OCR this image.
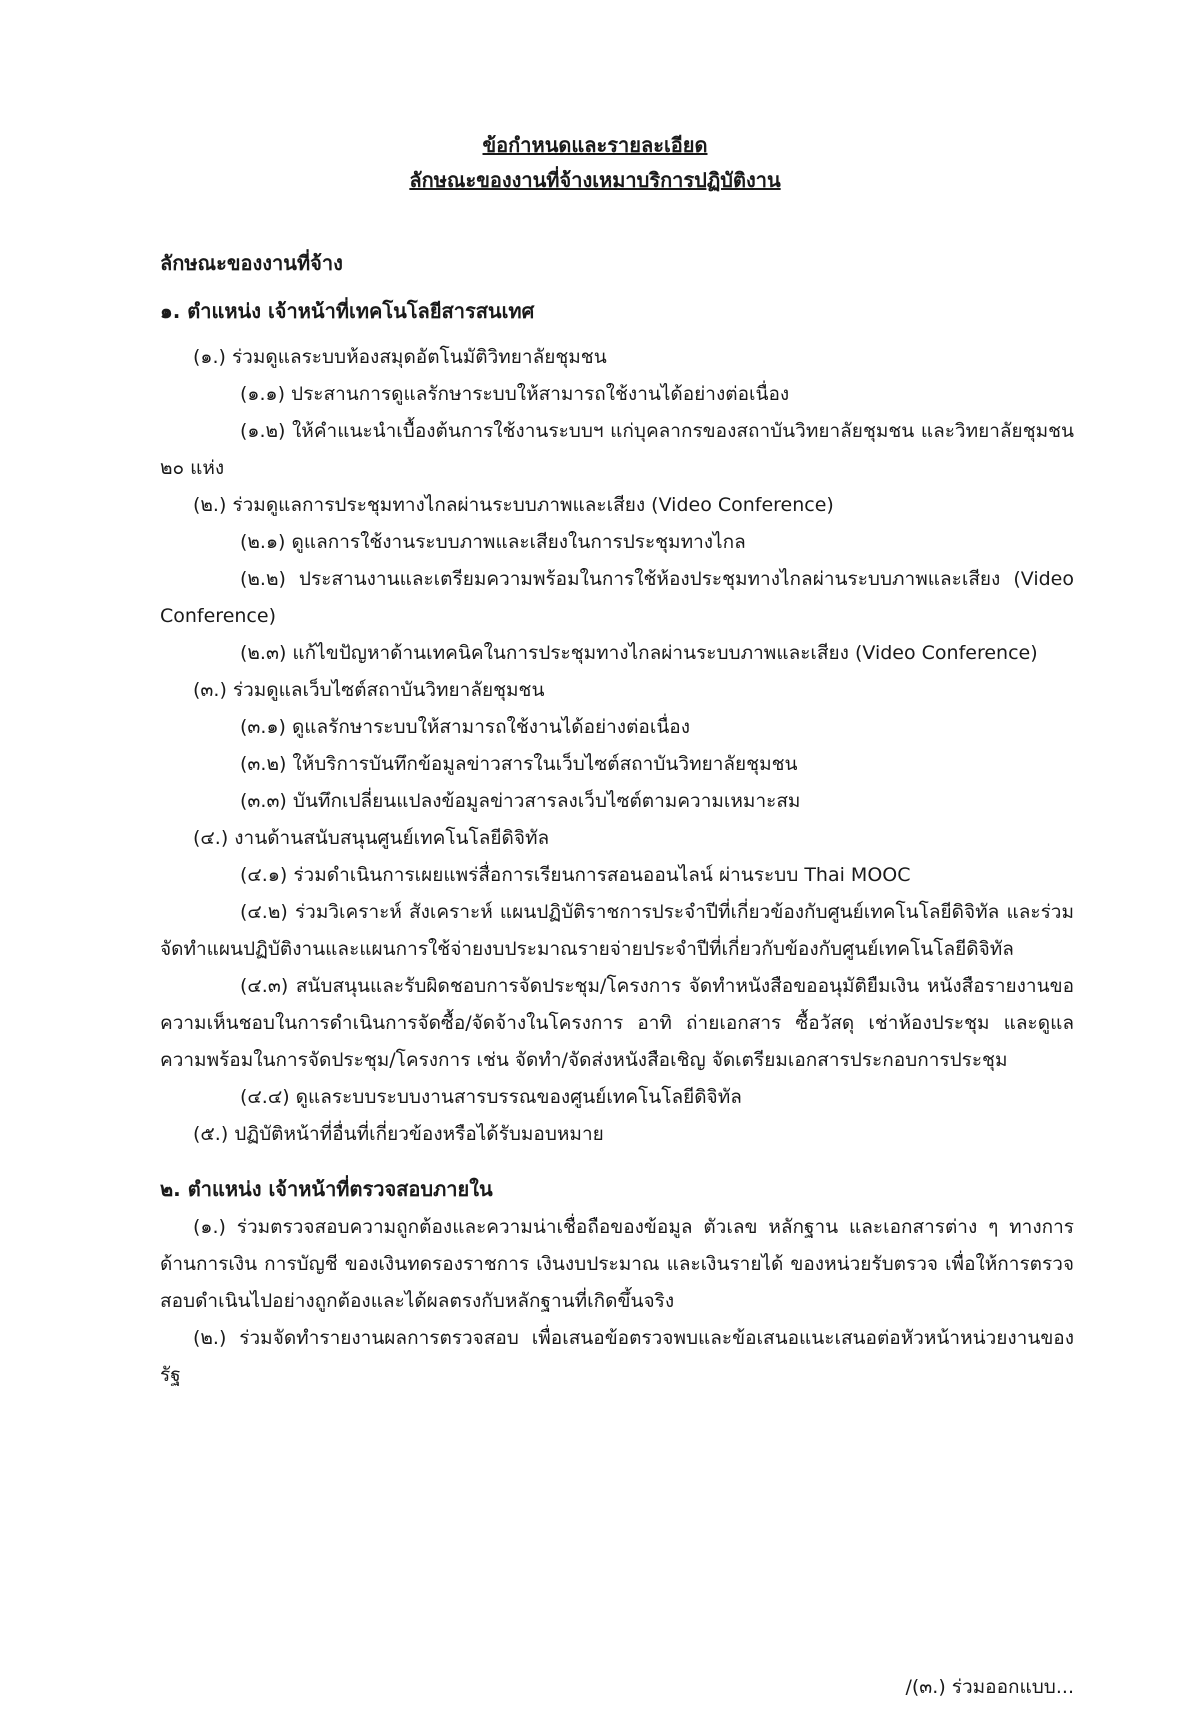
ข้อกำหนดและรายละเอียด

ลักษณะของงานที่จ้างเหมาบริการปฏิบัติงาน

ลักษณะของงานที่จ้าง
๑. ตำแหน่ง เจ้าหน้าที่เทคโนโลยีสารสนเทศ
(๑.) ร่วมดูแลระบบห้องสมุดอัตโนมัติวิทยาลัยชุมชน
(๑.๑) ประสานการดูแลรักษาระบบให้สามารถใช้งานได้อย่างต่อเนื่อง
(๑.๒) ให้คำแนะนำเบื้องต้นการใช้งานระบบฯ แก่บุคลากรของสถาบันวิทยาลัยชุมชน และวิทยาลัยชุมชน ๒๐ แห่ง
(๒.) ร่วมดูแลการประชุมทางไกลผ่านระบบภาพและเสียง (Video Conference)
(๒.๑) ดูแลการใช้งานระบบภาพและเสียงในการประชุมทางไกล
(๒.๒) ประสานงานและเตรียมความพร้อมในการใช้ห้องประชุมทางไกลผ่านระบบภาพและเสียง (Video Conference)
(๒.๓) แก้ไขปัญหาด้านเทคนิคในการประชุมทางไกลผ่านระบบภาพและเสียง (Video Conference)
(๓.) ร่วมดูแลเว็บไซต์สถาบันวิทยาลัยชุมชน
(๓.๑) ดูแลรักษาระบบให้สามารถใช้งานได้อย่างต่อเนื่อง
(๓.๒) ให้บริการบันทึกข้อมูลข่าวสารในเว็บไซต์สถาบันวิทยาลัยชุมชน
(๓.๓) บันทึกเปลี่ยนแปลงข้อมูลข่าวสารลงเว็บไซต์ตามความเหมาะสม
(๔.) งานด้านสนับสนุนศูนย์เทคโนโลยีดิจิทัล
(๔.๑) ร่วมดำเนินการเผยแพร่สื่อการเรียนการสอนออนไลน์ ผ่านระบบ Thai MOOC
(๔.๒) ร่วมวิเคราะห์ สังเคราะห์ แผนปฏิบัติราชการประจำปีที่เกี่ยวข้องกับศูนย์เทคโนโลยีดิจิทัล และร่วมจัดทำแผนปฏิบัติงานและแผนการใช้จ่ายงบประมาณรายจ่ายประจำปีที่เกี่ยวกับข้องกับศูนย์เทคโนโลยีดิจิทัล
(๔.๓) สนับสนุนและรับผิดชอบการจัดประชุม/โครงการ จัดทำหนังสือขออนุมัติยืมเงิน หนังสือรายงานขอความเห็นชอบในการดำเนินการจัดซื้อ/จัดจ้างในโครงการ อาทิ ถ่ายเอกสาร ซื้อวัสดุ เช่าห้องประชุม และดูแลความพร้อมในการจัดประชุม/โครงการ เช่น จัดทำ/จัดส่งหนังสือเชิญ จัดเตรียมเอกสารประกอบการประชุม
(๔.๔) ดูแลระบบระบบงานสารบรรณของศูนย์เทคโนโลยีดิจิทัล
(๕.) ปฏิบัติหน้าที่อื่นที่เกี่ยวข้องหรือได้รับมอบหมาย
๒. ตำแหน่ง เจ้าหน้าที่ตรวจสอบภายใน
(๑.) ร่วมตรวจสอบความถูกต้องและความน่าเชื่อถือของข้อมูล ตัวเลข หลักฐาน และเอกสารต่าง ๆ ทางการด้านการเงิน การบัญชี ของเงินทดรองราชการ เงินงบประมาณ และเงินรายได้ ของหน่วยรับตรวจ เพื่อให้การตรวจสอบดำเนินไปอย่างถูกต้องและได้ผลตรงกับหลักฐานที่เกิดขึ้นจริง
(๒.) ร่วมจัดทำรายงานผลการตรวจสอบ เพื่อเสนอข้อตรวจพบและข้อเสนอแนะเสนอต่อหัวหน้าหน่วยงานของรัฐ
/(๓.) ร่วมออกแบบ...
